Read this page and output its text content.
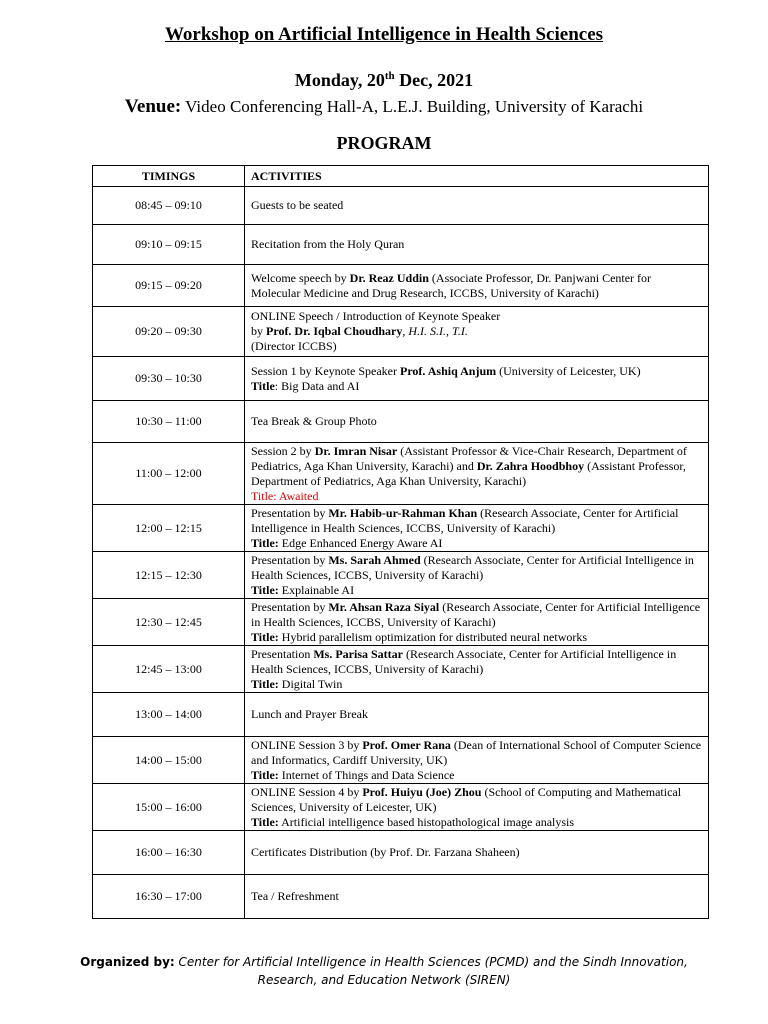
Workshop on Artificial Intelligence in Health Sciences
Monday, 20th Dec, 2021
Venue: Video Conferencing Hall-A, L.E.J. Building, University of Karachi
PROGRAM
TIMINGS	ACTIVITIES
08:45 – 09:10	Guests to be seated
09:10 – 09:15	Recitation from the Holy Quran
09:15 – 09:20	Welcome speech by Dr. Reaz Uddin (Associate Professor, Dr. Panjwani Center for Molecular Medicine and Drug Research, ICCBS, University of Karachi)
09:20 – 09:30	ONLINE Speech / Introduction of Keynote Speaker
by Prof. Dr. Iqbal Choudhary, H.I. S.I., T.I.
(Director ICCBS)
09:30 – 10:30	Session 1 by Keynote Speaker Prof. Ashiq Anjum (University of Leicester, UK)
Title: Big Data and AI
10:30 – 11:00	Tea Break & Group Photo
11:00 – 12:00	Session 2 by Dr. Imran Nisar (Assistant Professor & Vice-Chair Research, Department of Pediatrics, Aga Khan University, Karachi) and Dr. Zahra Hoodbhoy (Assistant Professor, Department of Pediatrics, Aga Khan University, Karachi)
Title: Awaited
12:00 – 12:15	Presentation by Mr. Habib-ur-Rahman Khan (Research Associate, Center for Artificial Intelligence in Health Sciences, ICCBS, University of Karachi)
Title: Edge Enhanced Energy Aware AI
12:15 – 12:30	Presentation by Ms. Sarah Ahmed (Research Associate, Center for Artificial Intelligence in Health Sciences, ICCBS, University of Karachi)
Title: Explainable AI
12:30 – 12:45	Presentation by Mr. Ahsan Raza Siyal (Research Associate, Center for Artificial Intelligence in Health Sciences, ICCBS, University of Karachi)
Title: Hybrid parallelism optimization for distributed neural networks
12:45 – 13:00	Presentation Ms. Parisa Sattar (Research Associate, Center for Artificial Intelligence in Health Sciences, ICCBS, University of Karachi)
Title: Digital Twin
13:00 – 14:00	Lunch and Prayer Break
14:00 – 15:00	ONLINE Session 3 by Prof. Omer Rana (Dean of International School of Computer Science and Informatics, Cardiff University, UK)
Title: Internet of Things and Data Science
15:00 – 16:00	ONLINE Session 4 by Prof. Huiyu (Joe) Zhou (School of Computing and Mathematical Sciences, University of Leicester, UK)
Title: Artificial intelligence based histopathological image analysis
16:00 – 16:30	Certificates Distribution (by Prof. Dr. Farzana Shaheen)
16:30 – 17:00	Tea / Refreshment
Organized by: Center for Artificial Intelligence in Health Sciences (PCMD) and the Sindh Innovation, Research, and Education Network (SIREN)
